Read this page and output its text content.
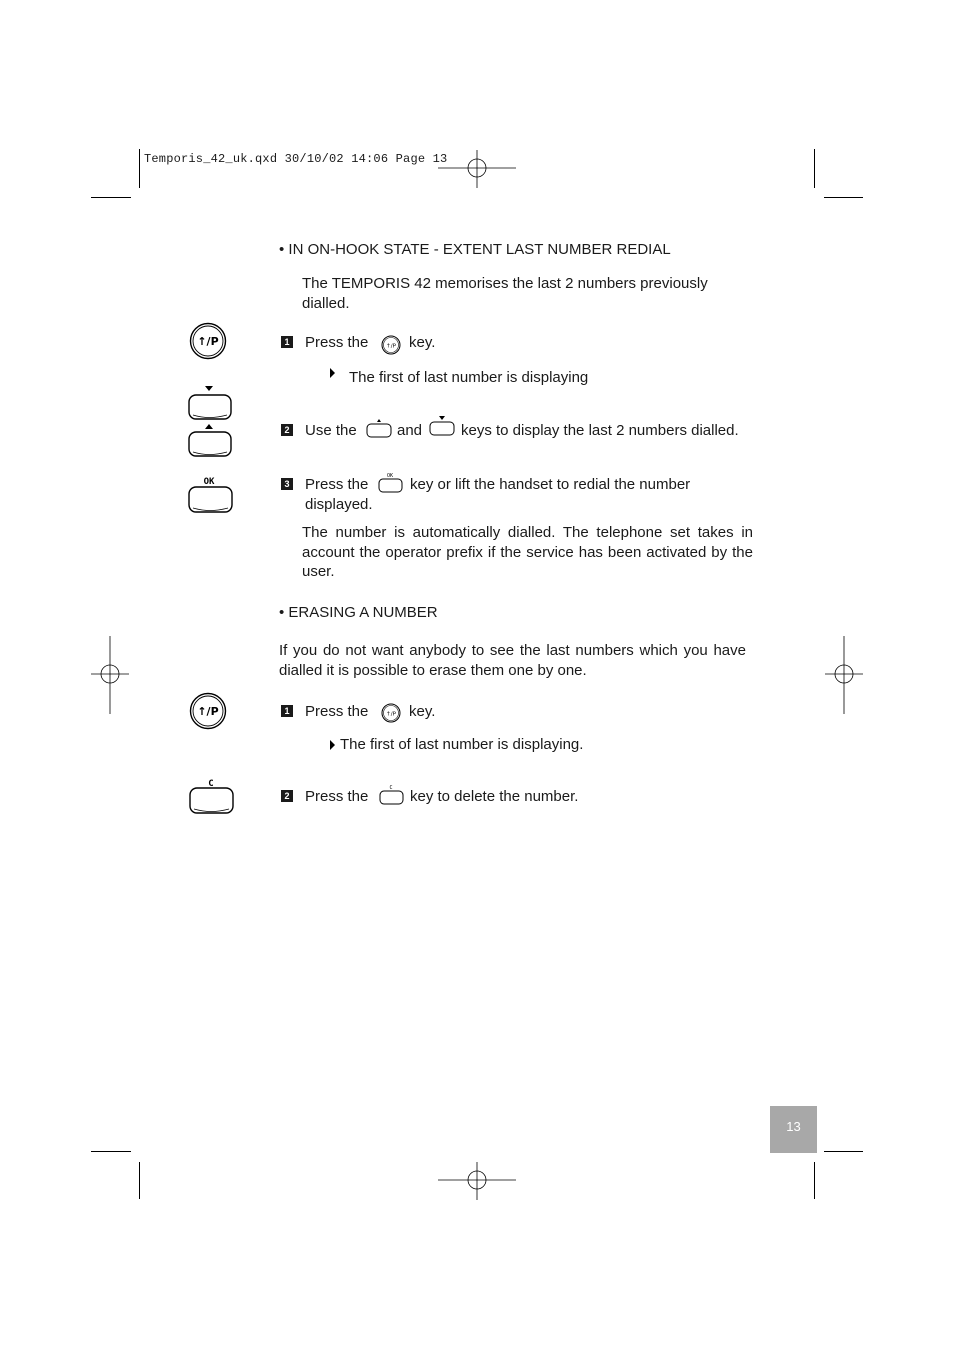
Temporis_42_uk.qxd 30/10/02 14:06 Page 13
↑/P
OK
↑/P
C
• IN ON-HOOK STATE - EXTENT LAST NUMBER REDIAL
The TEMPORIS 42 memorises the last 2 numbers previously dialled.
1 Press the	↑/P key.
The first of last number is displaying
2 Use the	and	keys to display the last 2 numbers dialled.
3 Press the	OK key or lift the handset to redial the number
displayed.
The number is automatically dialled. The telephone set takes in account the operator prefix if the service has been activated by the user.
• ERASING A NUMBER
If you do not want anybody to see the last numbers which you have dialled it is possible to erase them one by one.
1 Press the	↑/P key.
The first of last number is displaying.
2 Press the	C key to delete the number.
13
